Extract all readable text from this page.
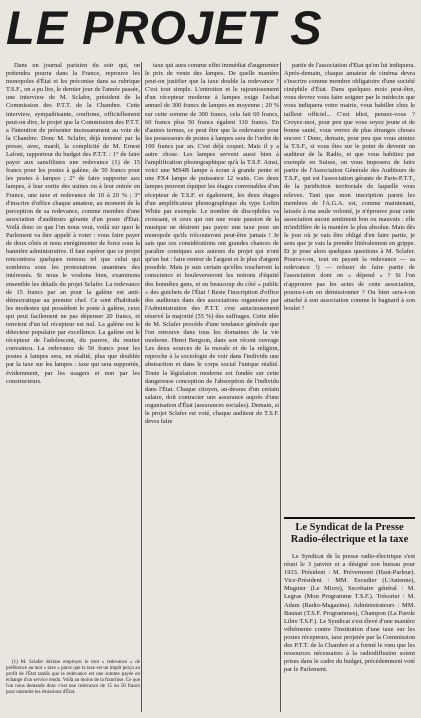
LE PROJET S

Dans un journal parisien du soir qui, on prétendra pourra dans la France, reprouve les monopoles d'État et les préconise dans sa rubrique T.S.F., on a pu lire, le dernier jour de l'année passée, une interview de M. Sclafer, président de la Commission des P.T.T. de la Chambre. Cette interview, sympathisante, confirme, officiellement peut-on dire, le projet que la Commission des P.T.T. a l'intention de présenter incessamment au vote de la Chambre. Donc M. Sclafer, déjà nommé par la presse, avec, mardi, la complicité de M. Ernest Lafont, rapporteur du budget des P.T.T. : 1° de faire payer aux sansfilistes une redevance (1) de 15 francs pour les postes à galène, de 50 francs pour les postes à lampes ; 2° de faire supporter aux lampes, à leur sortie des usines ou à leur entrée en France, une taxe et redevance de 10 à 20 % ; 3° d'inscrire d'office chaque amateur, au moment de la perception de sa redevance, comme membre d'une association d'auditeurs gérante d'un poste d'État. Voilà donc ce que l'on nous veut, voilà sur quoi le Parlement va être appelé à voter : vous faire payer de deux côtés et nous enrégimenter de force sous la bannière administrative. Il faut espérer que ce projet rencontrera quelques remous tel que celui qui sombrera sous les protestations unanimes des intéressés. Si nous le voulons bien, examinons ensemble les détails du projet Sclafer. La redevance de 15 francs par an pour la galène est anti-démocratique au premier chef. Ce sont d'habitude les modestes qui possèdent le poste à galène, ceux qui peut facilement ne pas dépenser 20 francs, et renvient d'un tel récepteur est nul. La galène est le détecteur populaire par excellence. La galène est le récepteur de l'adolescent, du pauvre, du rentier convaincu. La redevance de 50 francs pour les postes à lampes sera, en réalité, plus que doublée par la taxe sur les lampes : taxe qui sera supportée, évidemment, par les usagers et non par les constructeurs.

taxe qui aura comme effet immédiat d'augmenter le prix de vente des lampes. De quelle manière peut-on justifier que la taxe double la redevance ? C'est tout simple. L'entretien et le rajeunissement d'un récepteur moderne à lampes exige l'achat annuel de 300 francs de lampes en moyenne ; 20 % sur cette somme de 300 francs, cela fait 60 francs, 60 francs plus 50 francs égalent 110 francs. En d'autres termes, ce peut être que la redevance pour les possesseurs de postes à lampes sera de l'ordre de 100 francs par an. C'est déjà coquet. Mais il y a autre chose. Les lampes servent aussi bien à l'amplification phonographique qu'à la T.S.F. Ainsi, voici une MS4B lampe à écran à grande pente et une PX4 lampe de puissance 12 watts. Ces deux lampes peuvent équiper les étages convenables d'un récepteur de T.S.F. et également, les deux étages d'un amplificateur phonographique du type Loftin White par exemple. Le nombre de discophiles va croissant, et ceux qui ont une vraie passion de la musique ne désirent pas payer une taxe pour un monopole qu'ils n'écouteront peut-être jamais ! Je sais que ces considérations ont grandes chances de paraître comiques aux auteurs du projet qui n'ont qu'un but : faire rentrer de l'argent et le plus d'argent possible. Mais je suis certain qu'elles toucheront la conscience et bouleverseront les notions d'équité des honnêtes gens, et en beaucoup du côté « public » des guichets de l'État ! Reste l'inscription d'office des auditeurs dans des associations organisées par l'Administration des P.T.T. s'est astucieusement réservé la majorité (55 %) des suffrages. Cette idée de M. Sclafer procède d'une tendance générale que l'on retrouve dans tous les domaines de la vie moderne. Henri Bergson, dans son récent ouvrage Les deux sources de la morale et de la religion, reproche à la sociologie de voir dans l'individu une abstraction et dans le corps social l'unique réalité. Toute la législation moderne est fondée sur cette dangereuse conception de l'absorption de l'individu dans l'État. Chaque citoyen, au-dessus d'un certain salaire, doit contracter une assurance auprès d'une organisation d'État (assurances sociales). Demain, si le projet Sclafer est voté, chaque auditeur de T.S.F. devra faire

partie de l'association d'État qu'on lui indiquera. Après-demain, chaque amateur de cinéma devra s'inscrire comme membre obligatoire d'une société cinéphile d'État. Dans quelques mois peut-être, vous devrez vous faire soigner par le médecin que vous indiquera votre mairie, vous habiller chez le tailleur officiel... C'est idiot, pensez-vous ? Croyez-moi, pour peu que vous soyez jeune et de bonne santé, vous verrez de plus étranges choses encore ! Donc, demain, pour peu que vous aimiez la T.S.F., si vous êtes sur le point de devenir un auditeur de la Radio, et que vous habitiez par exemple en Suisse, on vous imposera de faire partie de l'Association Générale des Auditeurs de T.S.F., qui est l'association gérante de Paris-P.T.T., de la juridiction territoriale de laquelle vous relevez. Tant que mon inscription parmi les membres de l'A.G.A. est, comme maintenant, laissée à ma seule volonté, je n'éprouve pour cette association aucun sentiment bon ou mauvais : elle m'indiffère de la manière la plus absolue. Mais dès le jour où je vais être obligé d'en faire partie, je sens que je vais la prendre littéralement en grippe. Et je pose alors quelques questions à M. Sclafer. Pourra-t-on, tout en payant la redevance — sa redevance !) — refuser de faire partie de l'association dont on « dépend » ? Si l'on n'approuve pas les actes de cette association, pourra-t-on en démissionner ? Ou bien sera-t-on attaché à son association comme le bagnard à son boulet ?

(1) M. Sclafer déclare employer le mot « redevance » de préférence au mot « taxe » parce que la taxe est un impôt perçu au profit de l'État tandis que la redevance est une somme payée en échange d'un service rendu. Voilà au moins de la franchise. Ce que l'on nous demande donc c'est une redevance de 15 ou 50 francs pour entendre les émissions d'État.

Le Syndicat de la Presse Radio-électrique et la taxe

Le Syndicat de la presse radio-électrique s'est réuni le 3 janvier et a désigné son bureau pour 1933. Président : M. Prévermont (Haut-Parleur). Vice-Président : MM. Escudier (L'Antenne), Mugnier (Le Micro), Secrétaire général : M. Legras (Mon Programme T.S.F.). Trésorier : M. Adam (Radio-Magazine). Administrateurs : MM. Baunat (T.S.F. Programmes), Champon (La Parole Libre T.S.F.). Le Syndicat s'est élevé d'une manière véhémente contre l'institution d'une taxe sur les postes récepteurs, taxe projetée par la Commission des P.T.T. de la Chambre et a formé le vœu que les ressources nécessaires à la radiodiffusion soient prises dans le cadre du budget, précédemment voté par le Parlement.
